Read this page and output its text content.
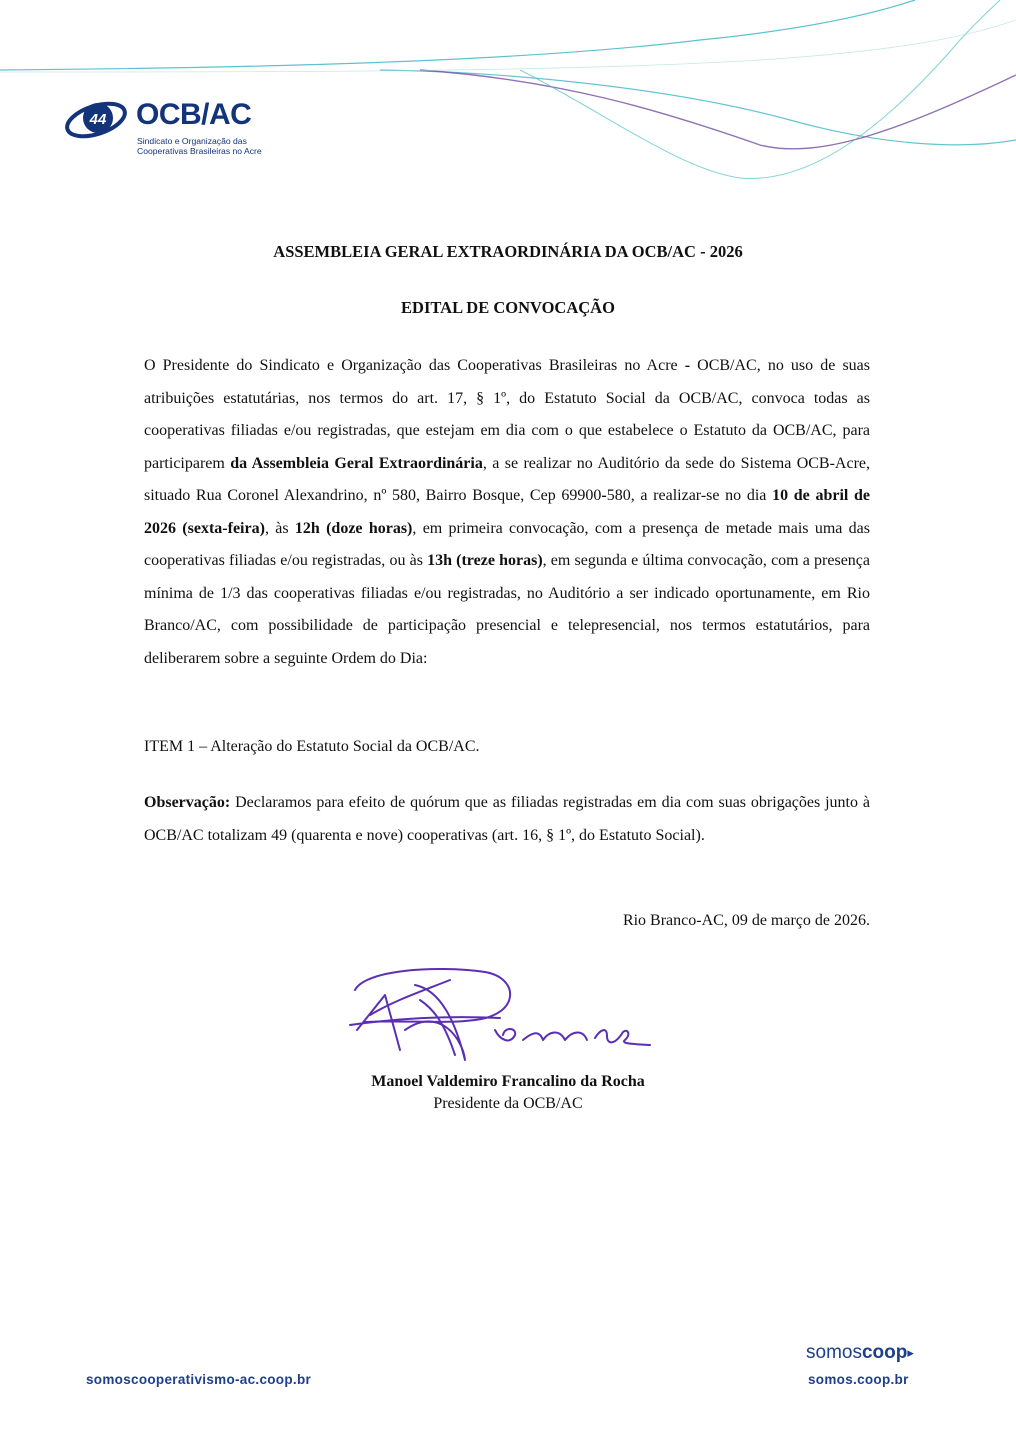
44 OCB/AC
Sindicato e Organização das
Cooperativas Brasileiras no Acre
ASSEMBLEIA GERAL EXTRAORDINÁRIA DA OCB/AC - 2026
EDITAL DE CONVOCAÇÃO
O Presidente do Sindicato e Organização das Cooperativas Brasileiras no Acre - OCB/AC, no uso de suas atribuições estatutárias, nos termos do art. 17, § 1º, do Estatuto Social da OCB/AC, convoca todas as cooperativas filiadas e/ou registradas, que estejam em dia com o que estabelece o Estatuto da OCB/AC, para participarem da Assembleia Geral Extraordinária, a se realizar no Auditório da sede do Sistema OCB-Acre, situado Rua Coronel Alexandrino, nº 580, Bairro Bosque, Cep 69900-580, a realizar-se no dia 10 de abril de 2026 (sexta-feira), às 12h (doze horas), em primeira convocação, com a presença de metade mais uma das cooperativas filiadas e/ou registradas, ou às 13h (treze horas), em segunda e última convocação, com a presença mínima de 1/3 das cooperativas filiadas e/ou registradas, no Auditório a ser indicado oportunamente, em Rio Branco/AC, com possibilidade de participação presencial e telepresencial, nos termos estatutários, para deliberarem sobre a seguinte Ordem do Dia:
ITEM 1 – Alteração do Estatuto Social da OCB/AC.
Observação: Declaramos para efeito de quórum que as filiadas registradas em dia com suas obrigações junto à OCB/AC totalizam 49 (quarenta e nove) cooperativas (art. 16, § 1º, do Estatuto Social).
Rio Branco-AC, 09 de março de 2026.
Manoel Valdemiro Francalino da Rocha
Presidente da OCB/AC
somoscooperativismo-ac.coop.br
somoscoop▸
somos.coop.br
